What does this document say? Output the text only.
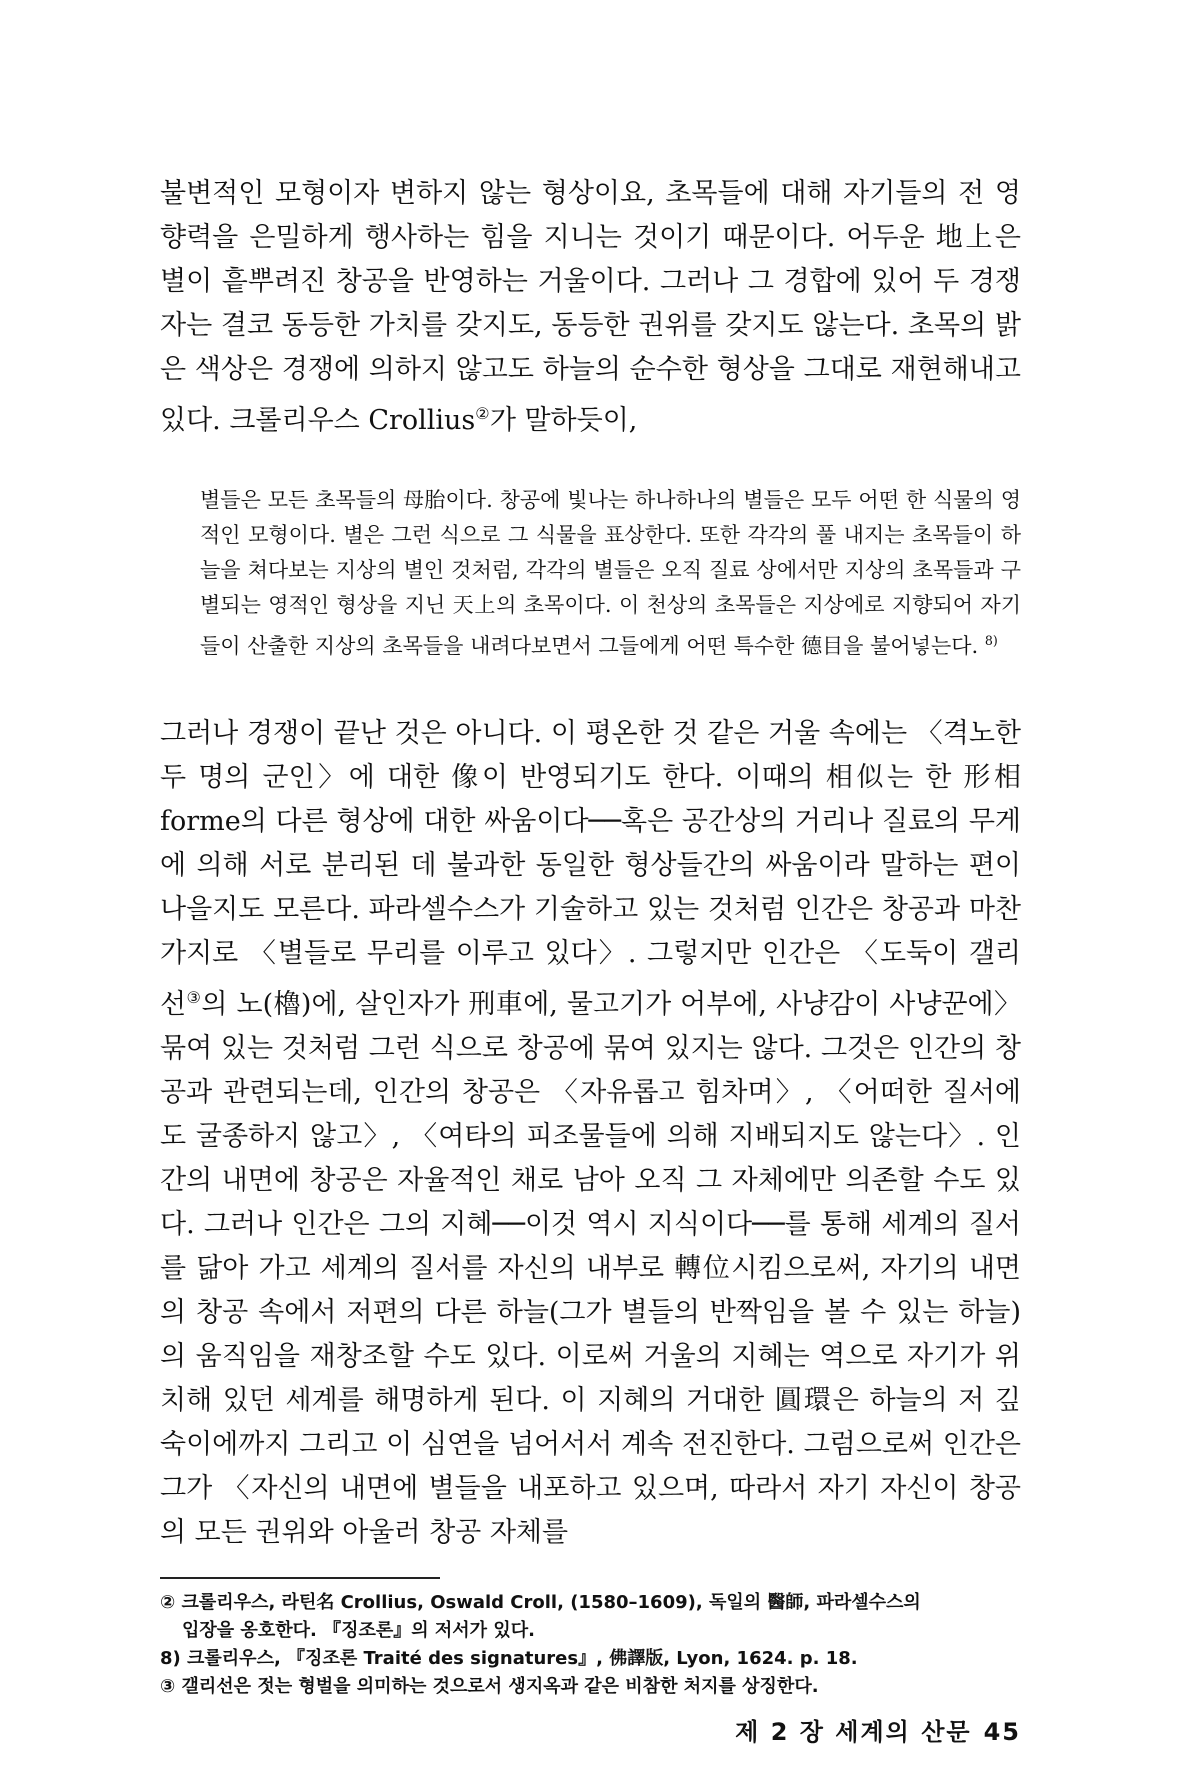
불변적인 모형이자 변하지 않는 형상이요, 초목들에 대해 자기들의 전 영향력을 은밀하게 행사하는 힘을 지니는 것이기 때문이다. 어두운 地上은 별이 흩뿌려진 창공을 반영하는 거울이다. 그러나 그 경합에 있어 두 경쟁자는 결코 동등한 가치를 갖지도, 동등한 권위를 갖지도 않는다. 초목의 밝은 색상은 경쟁에 의하지 않고도 하늘의 순수한 형상을 그대로 재현해내고 있다. 크롤리우스 Crollius②가 말하듯이,

별들은 모든 초목들의 母胎이다. 창공에 빛나는 하나하나의 별들은 모두 어떤 한 식물의 영적인 모형이다. 별은 그런 식으로 그 식물을 표상한다. 또한 각각의 풀 내지는 초목들이 하늘을 쳐다보는 지상의 별인 것처럼, 각각의 별들은 오직 질료 상에서만 지상의 초목들과 구별되는 영적인 형상을 지닌 天上의 초목이다. 이 천상의 초목들은 지상에로 지향되어 자기들이 산출한 지상의 초목들을 내려다보면서 그들에게 어떤 특수한 德目을 불어넣는다. $^{8)}$

그러나 경쟁이 끝난 것은 아니다. 이 평온한 것 같은 거울 속에는 〈격노한 두 명의 군인〉에 대한 像이 반영되기도 한다. 이때의 相似는 한 形相 forme의 다른 형상에 대한 싸움이다──혹은 공간상의 거리나 질료의 무게에 의해 서로 분리된 데 불과한 동일한 형상들간의 싸움이라 말하는 편이 나을지도 모른다. 파라셀수스가 기술하고 있는 것처럼 인간은 창공과 마찬가지로 〈별들로 무리를 이루고 있다〉. 그렇지만 인간은 〈도둑이 갤리선③의 노(櫓)에, 살인자가 刑車에, 물고기가 어부에, 사냥감이 사냥꾼에〉 묶여 있는 것처럼 그런 식으로 창공에 묶여 있지는 않다. 그것은 인간의 창공과 관련되는데, 인간의 창공은 〈자유롭고 힘차며〉, 〈어떠한 질서에도 굴종하지 않고〉, 〈여타의 피조물들에 의해 지배되지도 않는다〉. 인간의 내면에 창공은 자율적인 채로 남아 오직 그 자체에만 의존할 수도 있다. 그러나 인간은 그의 지혜──이것 역시 지식이다──를 통해 세계의 질서를 닮아 가고 세계의 질서를 자신의 내부로 轉位시킴으로써, 자기의 내면의 창공 속에서 저편의 다른 하늘(그가 별들의 반짝임을 볼 수 있는 하늘)의 움직임을 재창조할 수도 있다. 이로써 거울의 지혜는 역으로 자기가 위치해 있던 세계를 해명하게 된다. 이 지혜의 거대한 圓環은 하늘의 저 깊숙이에까지 그리고 이 심연을 넘어서서 계속 전진한다. 그럼으로써 인간은 그가 〈자신의 내면에 별들을 내포하고 있으며, 따라서 자기 자신이 창공의 모든 권위와 아울러 창공 자체를

② 크롤리우스, 라틴名 Crollius, Oswald Croll, (1580–1609), 독일의 醫師, 파라셀수스의

입장을 옹호한다. 『징조론』의 저서가 있다.

8) 크롤리우스, 『징조론 Traité des signatures』, 佛譯版, Lyon, 1624. p. 18.

③ 갤리선은 젓는 형벌을 의미하는 것으로서 생지옥과 같은 비참한 처지를 상징한다.

제 2 장 세계의 산문 45
